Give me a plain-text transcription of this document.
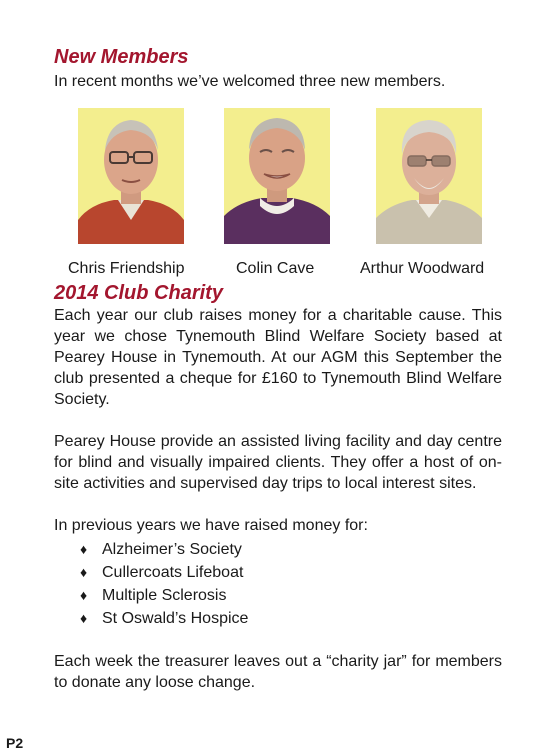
New Members

In recent months we’ve welcomed three new members.

Chris Friendship	Colin Cave	Arthur Woodward
2014 Club Charity

Each year our club raises money for a charitable cause. This year we chose Tynemouth Blind Welfare Society based at Pearey House in Tynemouth. At our AGM this September the club presented a cheque for £160 to Tynemouth Blind Welfare Society.

Pearey House provide an assisted living facility and day centre for blind and visually impaired clients. They offer a host of on-site activities and supervised day trips to local interest sites.

In previous years we have raised money for:

♦ Alzheimer’s Society
♦ Cullercoats Lifeboat
♦ Multiple Sclerosis
♦ St Oswald’s Hospice

Each week the treasurer leaves out a “charity jar” for members to donate any loose change.

P2
